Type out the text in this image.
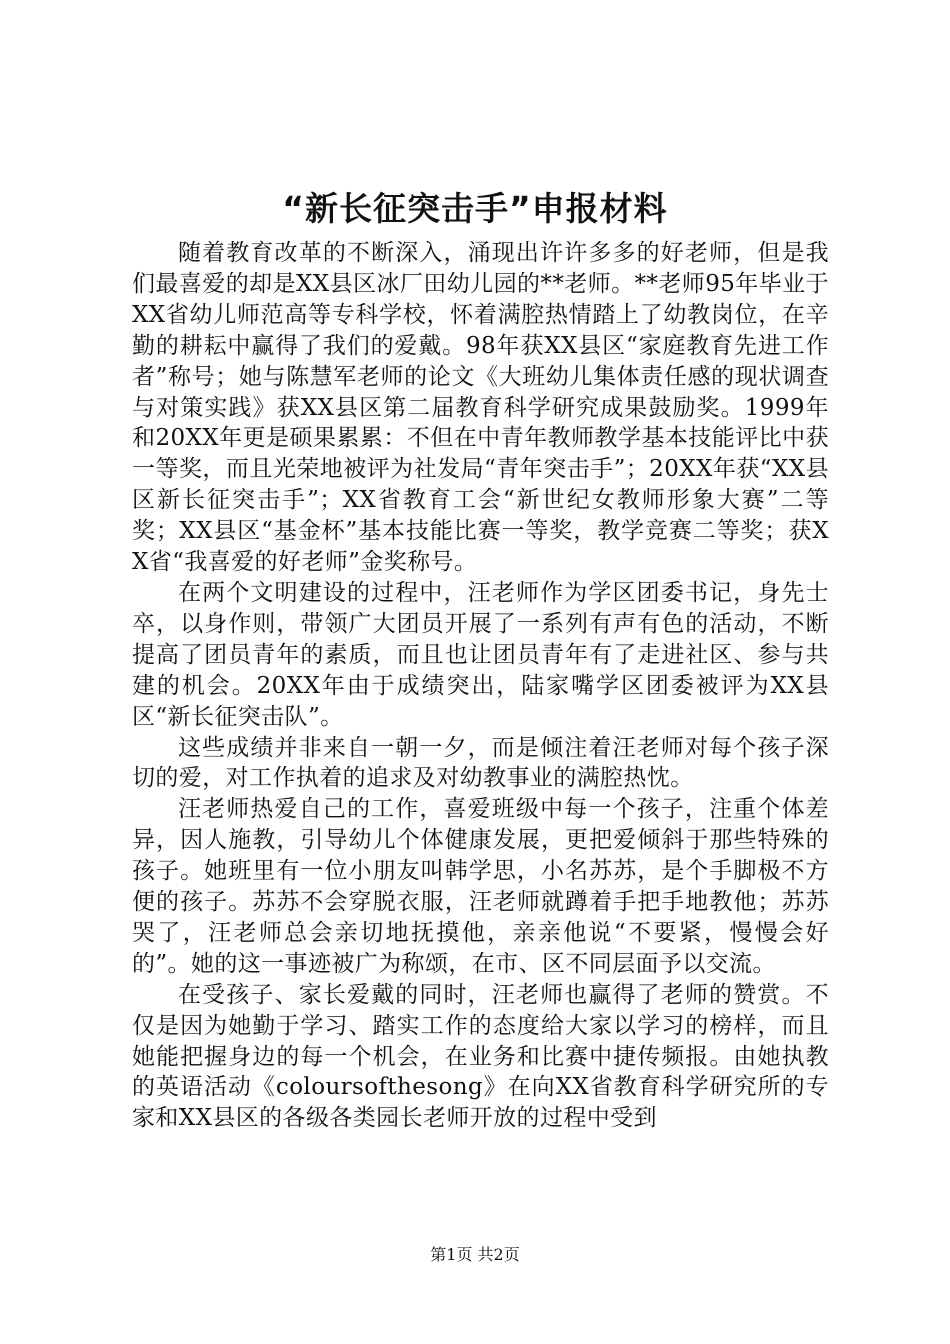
“新长征突击手”申报材料

随着教育改革的不断深入，涌现出许许多多的好老师，但是我们最喜爱的却是XX县区冰厂田幼儿园的**老师。**老师95年毕业于XX省幼儿师范高等专科学校，怀着满腔热情踏上了幼教岗位，在辛勤的耕耘中赢得了我们的爱戴。98年获XX县区“家庭教育先进工作者”称号；她与陈慧军老师的论文《大班幼儿集体责任感的现状调查与对策实践》获XX县区第二届教育科学研究成果鼓励奖。1999年和20XX年更是硕果累累：不但在中青年教师教学基本技能评比中获一等奖，而且光荣地被评为社发局“青年突击手”；20XX年获“XX县区新长征突击手”；XX省教育工会“新世纪女教师形象大赛”二等奖；XX县区“基金杯”基本技能比赛一等奖，教学竞赛二等奖；获XX省“我喜爱的好老师”金奖称号。

在两个文明建设的过程中，汪老师作为学区团委书记，身先士卒，以身作则，带领广大团员开展了一系列有声有色的活动，不断提高了团员青年的素质，而且也让团员青年有了走进社区、参与共建的机会。20XX年由于成绩突出，陆家嘴学区团委被评为XX县区“新长征突击队”。

这些成绩并非来自一朝一夕，而是倾注着汪老师对每个孩子深切的爱，对工作执着的追求及对幼教事业的满腔热忱。

汪老师热爱自己的工作，喜爱班级中每一个孩子，注重个体差异，因人施教，引导幼儿个体健康发展，更把爱倾斜于那些特殊的孩子。她班里有一位小朋友叫韩学思，小名苏苏，是个手脚极不方便的孩子。苏苏不会穿脱衣服，汪老师就蹲着手把手地教他；苏苏哭了，汪老师总会亲切地抚摸他，亲亲他说“不要紧，慢慢会好的”。她的这一事迹被广为称颂，在市、区不同层面予以交流。

在受孩子、家长爱戴的同时，汪老师也赢得了老师的赞赏。不仅是因为她勤于学习、踏实工作的态度给大家以学习的榜样，而且她能把握身边的每一个机会，在业务和比赛中捷传频报。由她执教的英语活动《coloursofthesong》在向XX省教育科学研究所的专家和XX县区的各级各类园长老师开放的过程中受到

第1页 共2页
